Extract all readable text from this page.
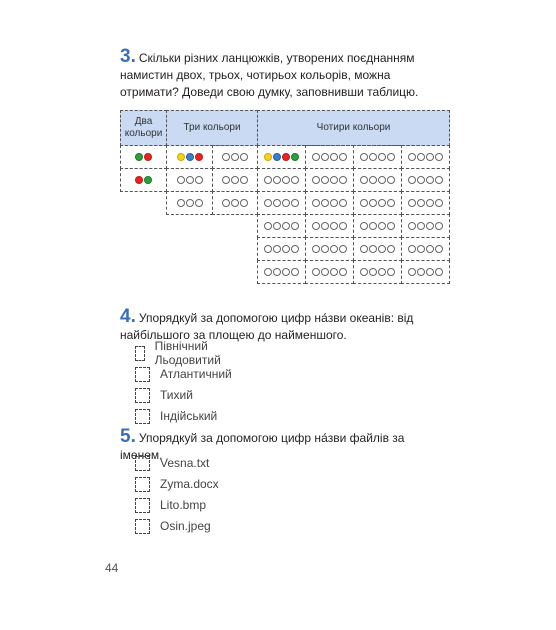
3. Скільки різних ланцюжків, утворених поєднанням намистин двох, трьох, чотирьох кольорів, можна отримати? Доведи свою думку, заповнивши таблицю.
Два кольори
Три кольори	Чотири кольори
4. Упорядкуй за допомогою цифр на́зви океанів: від найбільшого за площею до найменшого.
Північний Льодовитий
Атлантичний
Тихий
Індійський
5. Упорядкуй за допомогою цифр на́зви файлів за іменем.
Vesna.txt
Zyma.docx
Lito.bmp
Osin.jpeg
44
